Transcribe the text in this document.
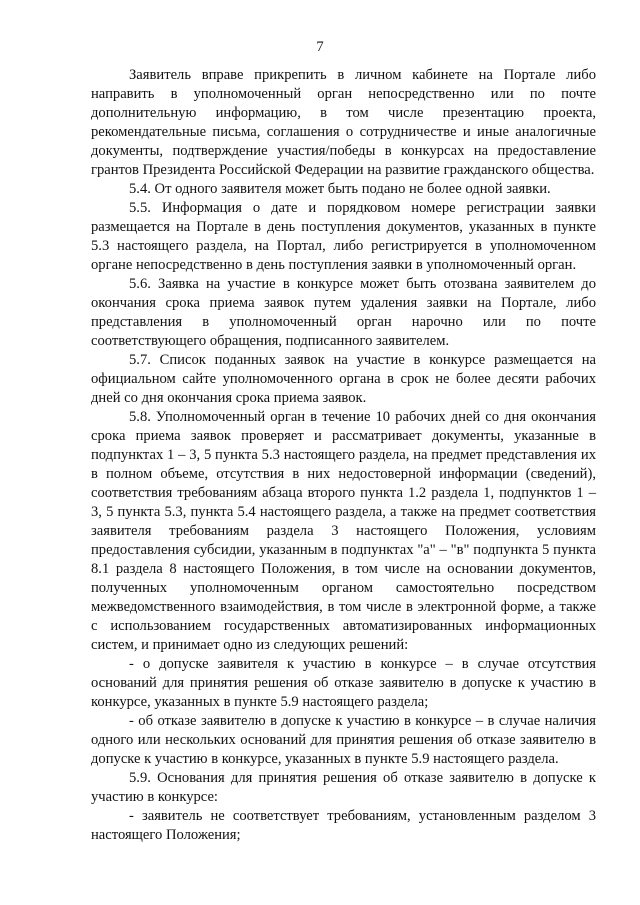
7

Заявитель вправе прикрепить в личном кабинете на Портале либо направить в уполномоченный орган непосредственно или по почте дополнительную информацию, в том числе презентацию проекта, рекомендательные письма, соглашения о сотрудничестве и иные аналогичные документы, подтверждение участия/победы в конкурсах на предоставление грантов Президента Российской Федерации на развитие гражданского общества.

5.4. От одного заявителя может быть подано не более одной заявки.

5.5. Информация о дате и порядковом номере регистрации заявки размещается на Портале в день поступления документов, указанных в пункте 5.3 настоящего раздела, на Портал, либо регистрируется в уполномоченном органе непосредственно в день поступления заявки в уполномоченный орган.

5.6. Заявка на участие в конкурсе может быть отозвана заявителем до окончания срока приема заявок путем удаления заявки на Портале, либо представления в уполномоченный орган нарочно или по почте соответствующего обращения, подписанного заявителем.

5.7. Список поданных заявок на участие в конкурсе размещается на официальном сайте уполномоченного органа в срок не более десяти рабочих дней со дня окончания срока приема заявок.

5.8. Уполномоченный орган в течение 10 рабочих дней со дня окончания срока приема заявок проверяет и рассматривает документы, указанные в подпунктах 1 – 3, 5 пункта 5.3 настоящего раздела, на предмет представления их в полном объеме, отсутствия в них недостоверной информации (сведений), соответствия требованиям абзаца второго пункта 1.2 раздела 1, подпунктов 1 – 3, 5 пункта 5.3, пункта 5.4 настоящего раздела, а также на предмет соответствия заявителя требованиям раздела 3 настоящего Положения, условиям предоставления субсидии, указанным в подпунктах "а" – "в" подпункта 5 пункта 8.1 раздела 8 настоящего Положения, в том числе на основании документов, полученных уполномоченным органом самостоятельно посредством межведомственного взаимодействия, в том числе в электронной форме, а также с использованием государственных автоматизированных информационных систем, и принимает одно из следующих решений:

- о допуске заявителя к участию в конкурсе – в случае отсутствия оснований для принятия решения об отказе заявителю в допуске к участию в конкурсе, указанных в пункте 5.9 настоящего раздела;

- об отказе заявителю в допуске к участию в конкурсе – в случае наличия одного или нескольких оснований для принятия решения об отказе заявителю в допуске к участию в конкурсе, указанных в пункте 5.9 настоящего раздела.

5.9. Основания для принятия решения об отказе заявителю в допуске к участию в конкурсе:

- заявитель не соответствует требованиям, установленным разделом 3 настоящего Положения;
